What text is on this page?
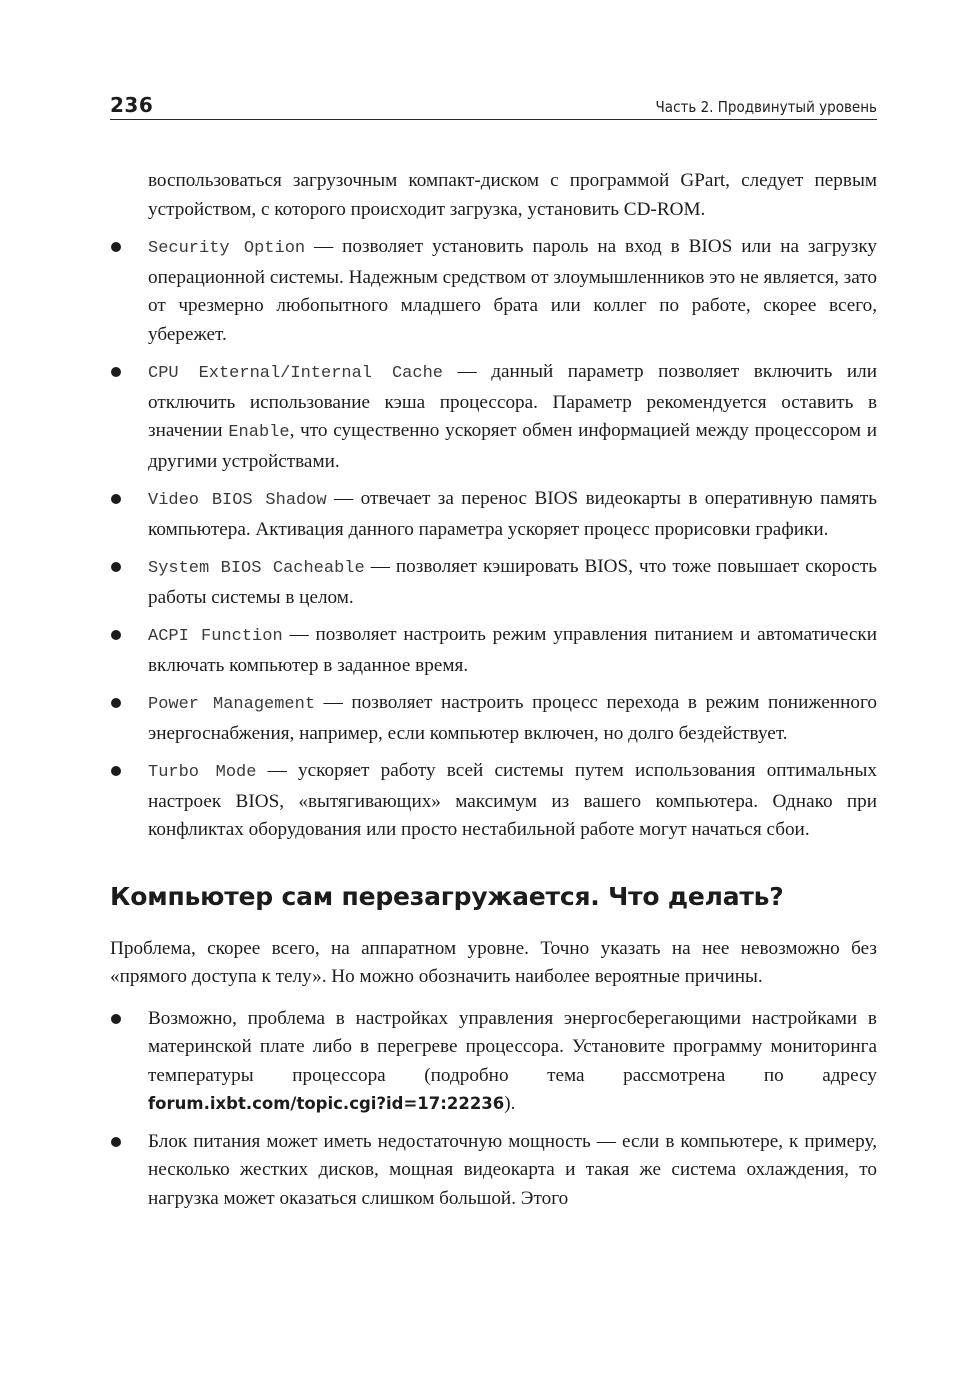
236	Часть 2. Продвинутый уровень

воспользоваться загрузочным компакт-диском с программой GPart, следует первым устройством, с которого происходит загрузка, установить CD-ROM.

Security Option — позволяет установить пароль на вход в BIOS или на загрузку операционной системы. Надежным средством от злоумышленников это не является, зато от чрезмерно любопытного младшего брата или коллег по работе, скорее всего, убережет.
CPU External/Internal Cache — данный параметр позволяет включить или отключить использование кэша процессора. Параметр рекомендуется оставить в значении Enable, что существенно ускоряет обмен информацией между процессором и другими устройствами.
Video BIOS Shadow — отвечает за перенос BIOS видеокарты в оперативную память компьютера. Активация данного параметра ускоряет процесс прорисовки графики.
System BIOS Cacheable — позволяет кэшировать BIOS, что тоже повышает скорость работы системы в целом.
ACPI Function — позволяет настроить режим управления питанием и автоматически включать компьютер в заданное время.
Power Management — позволяет настроить процесс перехода в режим пониженного энергоснабжения, например, если компьютер включен, но долго бездействует.
Turbo Mode — ускоряет работу всей системы путем использования оптимальных настроек BIOS, «вытягивающих» максимум из вашего компьютера. Однако при конфликтах оборудования или просто нестабильной работе могут начаться сбои.
Компьютер сам перезагружается. Что делать?

Проблема, скорее всего, на аппаратном уровне. Точно указать на нее невозможно без «прямого доступа к телу». Но можно обозначить наиболее вероятные причины.

Возможно, проблема в настройках управления энергосберегающими настройками в материнской плате либо в перегреве процессора. Установите программу мониторинга температуры процессора (подробно тема рассмотрена по адресу forum.ixbt.com/topic.cgi?id=17:22236).
Блок питания может иметь недостаточную мощность — если в компьютере, к примеру, несколько жестких дисков, мощная видеокарта и такая же система охлаждения, то нагрузка может оказаться слишком большой. Этого
